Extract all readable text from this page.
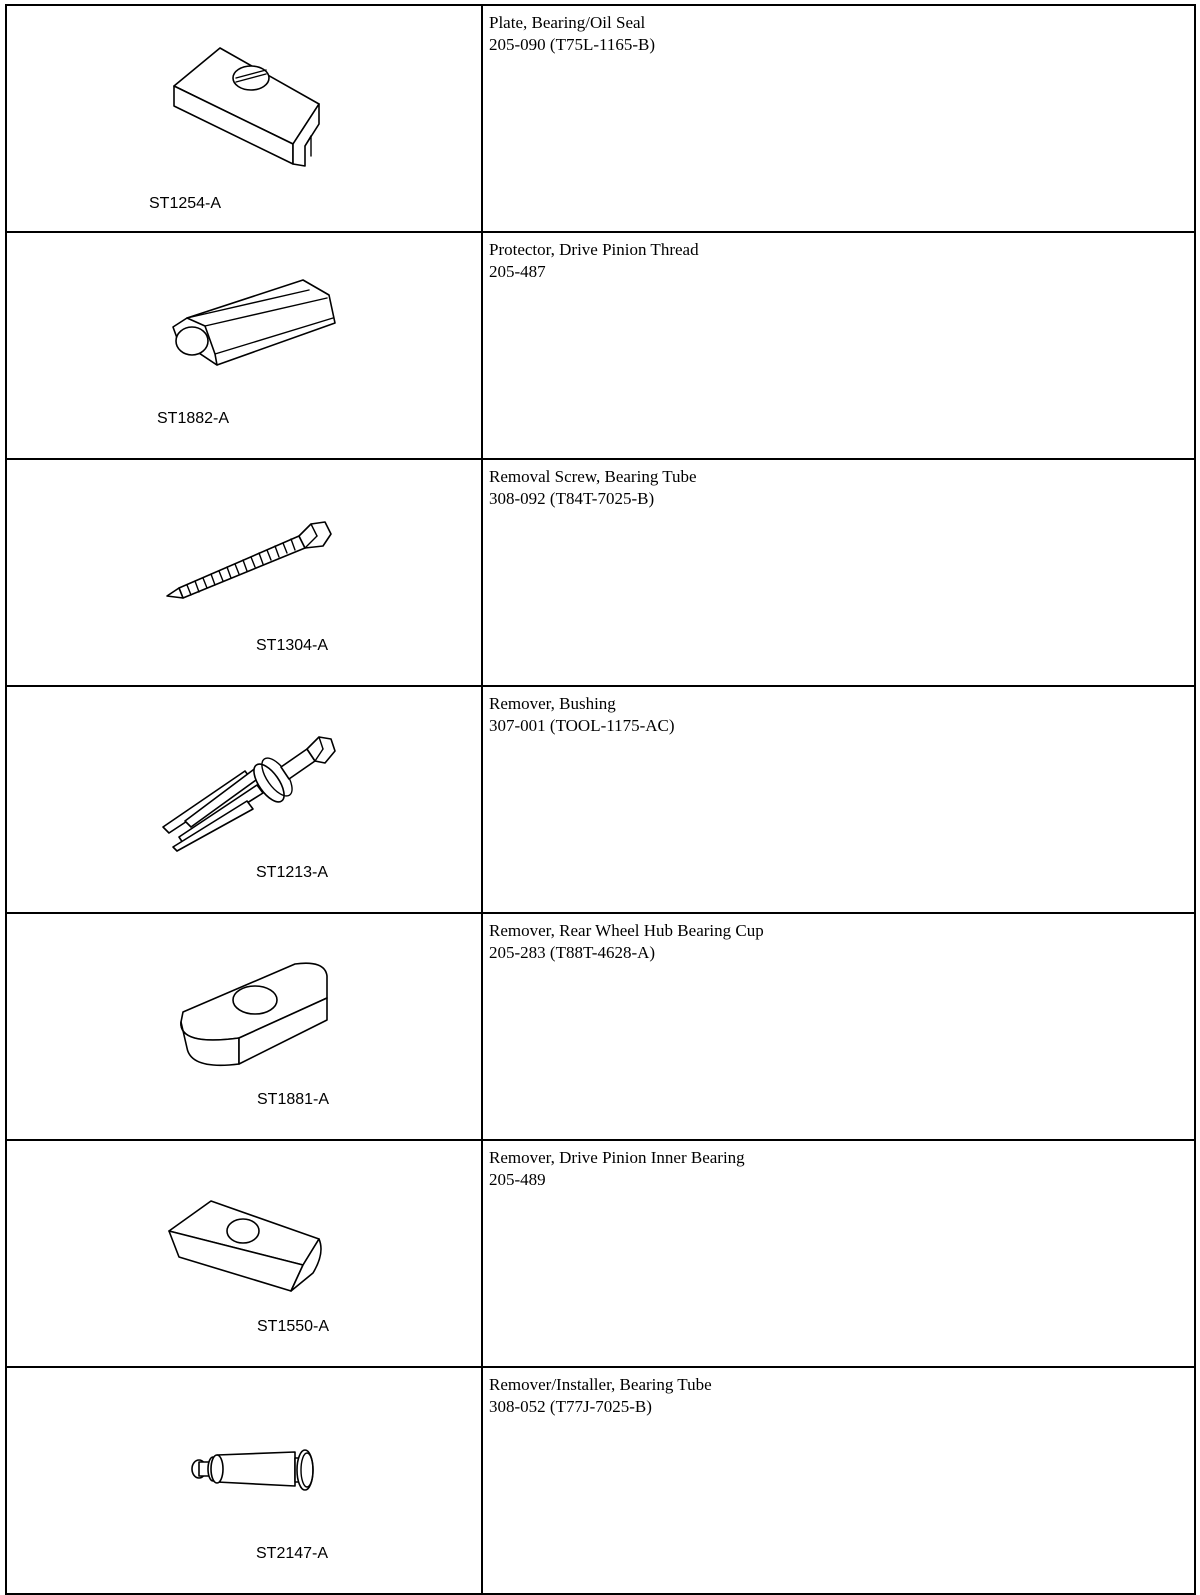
ST1254-A	Plate, Bearing/Oil Seal
205-090 (T75L-1165-B)

ST1882-A	Protector, Drive Pinion Thread
205-487

ST1304-A	Removal Screw, Bearing Tube
308-092 (T84T-7025-B)

ST1213-A	Remover, Bushing
307-001 (TOOL-1175-AC)

ST1881-A	Remover, Rear Wheel Hub Bearing Cup
205-283 (T88T-4628-A)

ST1550-A	Remover, Drive Pinion Inner Bearing
205-489

ST2147-A	Remover/Installer, Bearing Tube
308-052 (T77J-7025-B)
